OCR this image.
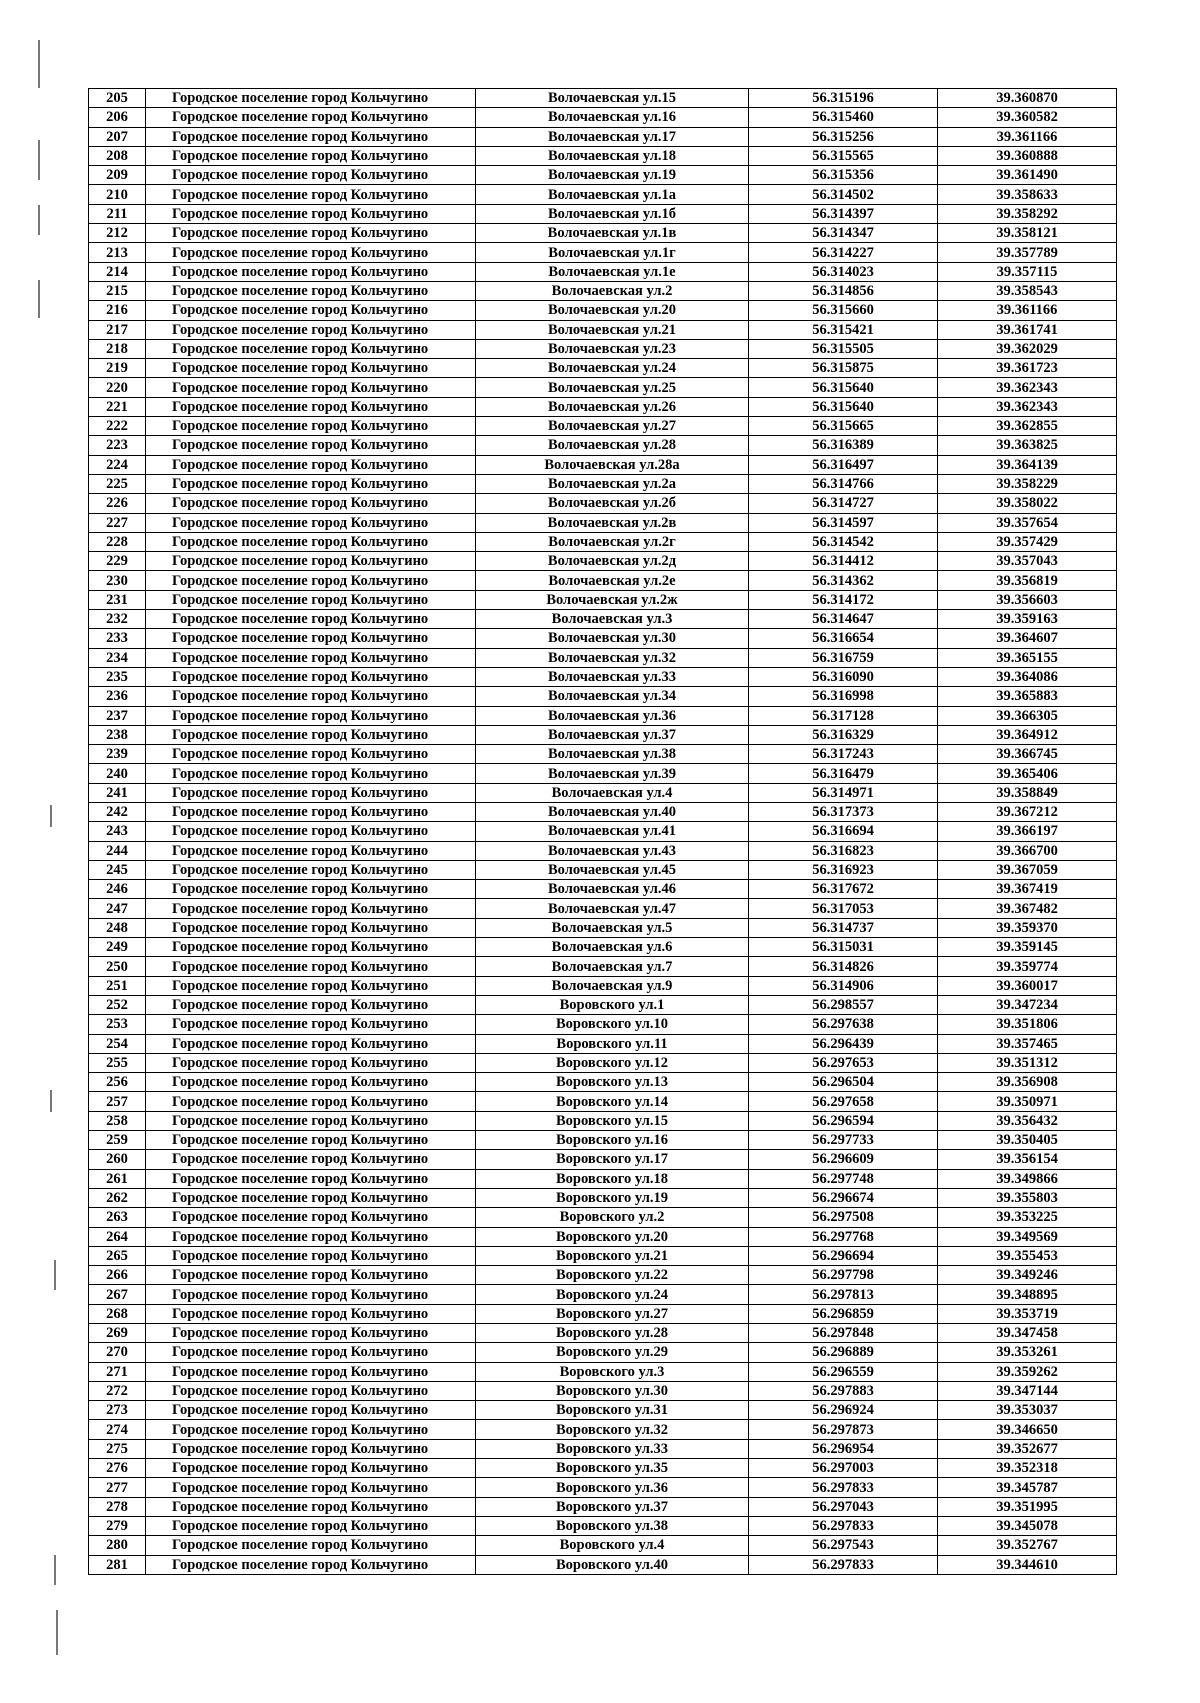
205	Городское поселение город Кольчугино	Волочаевская ул.15	56.315196	39.360870
206	Городское поселение город Кольчугино	Волочаевская ул.16	56.315460	39.360582
207	Городское поселение город Кольчугино	Волочаевская ул.17	56.315256	39.361166
208	Городское поселение город Кольчугино	Волочаевская ул.18	56.315565	39.360888
209	Городское поселение город Кольчугино	Волочаевская ул.19	56.315356	39.361490
210	Городское поселение город Кольчугино	Волочаевская ул.1а	56.314502	39.358633
211	Городское поселение город Кольчугино	Волочаевская ул.1б	56.314397	39.358292
212	Городское поселение город Кольчугино	Волочаевская ул.1в	56.314347	39.358121
213	Городское поселение город Кольчугино	Волочаевская ул.1г	56.314227	39.357789
214	Городское поселение город Кольчугино	Волочаевская ул.1е	56.314023	39.357115
215	Городское поселение город Кольчугино	Волочаевская ул.2	56.314856	39.358543
216	Городское поселение город Кольчугино	Волочаевская ул.20	56.315660	39.361166
217	Городское поселение город Кольчугино	Волочаевская ул.21	56.315421	39.361741
218	Городское поселение город Кольчугино	Волочаевская ул.23	56.315505	39.362029
219	Городское поселение город Кольчугино	Волочаевская ул.24	56.315875	39.361723
220	Городское поселение город Кольчугино	Волочаевская ул.25	56.315640	39.362343
221	Городское поселение город Кольчугино	Волочаевская ул.26	56.315640	39.362343
222	Городское поселение город Кольчугино	Волочаевская ул.27	56.315665	39.362855
223	Городское поселение город Кольчугино	Волочаевская ул.28	56.316389	39.363825
224	Городское поселение город Кольчугино	Волочаевская ул.28а	56.316497	39.364139
225	Городское поселение город Кольчугино	Волочаевская ул.2а	56.314766	39.358229
226	Городское поселение город Кольчугино	Волочаевская ул.2б	56.314727	39.358022
227	Городское поселение город Кольчугино	Волочаевская ул.2в	56.314597	39.357654
228	Городское поселение город Кольчугино	Волочаевская ул.2г	56.314542	39.357429
229	Городское поселение город Кольчугино	Волочаевская ул.2д	56.314412	39.357043
230	Городское поселение город Кольчугино	Волочаевская ул.2е	56.314362	39.356819
231	Городское поселение город Кольчугино	Волочаевская ул.2ж	56.314172	39.356603
232	Городское поселение город Кольчугино	Волочаевская ул.3	56.314647	39.359163
233	Городское поселение город Кольчугино	Волочаевская ул.30	56.316654	39.364607
234	Городское поселение город Кольчугино	Волочаевская ул.32	56.316759	39.365155
235	Городское поселение город Кольчугино	Волочаевская ул.33	56.316090	39.364086
236	Городское поселение город Кольчугино	Волочаевская ул.34	56.316998	39.365883
237	Городское поселение город Кольчугино	Волочаевская ул.36	56.317128	39.366305
238	Городское поселение город Кольчугино	Волочаевская ул.37	56.316329	39.364912
239	Городское поселение город Кольчугино	Волочаевская ул.38	56.317243	39.366745
240	Городское поселение город Кольчугино	Волочаевская ул.39	56.316479	39.365406
241	Городское поселение город Кольчугино	Волочаевская ул.4	56.314971	39.358849
242	Городское поселение город Кольчугино	Волочаевская ул.40	56.317373	39.367212
243	Городское поселение город Кольчугино	Волочаевская ул.41	56.316694	39.366197
244	Городское поселение город Кольчугино	Волочаевская ул.43	56.316823	39.366700
245	Городское поселение город Кольчугино	Волочаевская ул.45	56.316923	39.367059
246	Городское поселение город Кольчугино	Волочаевская ул.46	56.317672	39.367419
247	Городское поселение город Кольчугино	Волочаевская ул.47	56.317053	39.367482
248	Городское поселение город Кольчугино	Волочаевская ул.5	56.314737	39.359370
249	Городское поселение город Кольчугино	Волочаевская ул.6	56.315031	39.359145
250	Городское поселение город Кольчугино	Волочаевская ул.7	56.314826	39.359774
251	Городское поселение город Кольчугино	Волочаевская ул.9	56.314906	39.360017
252	Городское поселение город Кольчугино	Воровского ул.1	56.298557	39.347234
253	Городское поселение город Кольчугино	Воровского ул.10	56.297638	39.351806
254	Городское поселение город Кольчугино	Воровского ул.11	56.296439	39.357465
255	Городское поселение город Кольчугино	Воровского ул.12	56.297653	39.351312
256	Городское поселение город Кольчугино	Воровского ул.13	56.296504	39.356908
257	Городское поселение город Кольчугино	Воровского ул.14	56.297658	39.350971
258	Городское поселение город Кольчугино	Воровского ул.15	56.296594	39.356432
259	Городское поселение город Кольчугино	Воровского ул.16	56.297733	39.350405
260	Городское поселение город Кольчугино	Воровского ул.17	56.296609	39.356154
261	Городское поселение город Кольчугино	Воровского ул.18	56.297748	39.349866
262	Городское поселение город Кольчугино	Воровского ул.19	56.296674	39.355803
263	Городское поселение город Кольчугино	Воровского ул.2	56.297508	39.353225
264	Городское поселение город Кольчугино	Воровского ул.20	56.297768	39.349569
265	Городское поселение город Кольчугино	Воровского ул.21	56.296694	39.355453
266	Городское поселение город Кольчугино	Воровского ул.22	56.297798	39.349246
267	Городское поселение город Кольчугино	Воровского ул.24	56.297813	39.348895
268	Городское поселение город Кольчугино	Воровского ул.27	56.296859	39.353719
269	Городское поселение город Кольчугино	Воровского ул.28	56.297848	39.347458
270	Городское поселение город Кольчугино	Воровского ул.29	56.296889	39.353261
271	Городское поселение город Кольчугино	Воровского ул.3	56.296559	39.359262
272	Городское поселение город Кольчугино	Воровского ул.30	56.297883	39.347144
273	Городское поселение город Кольчугино	Воровского ул.31	56.296924	39.353037
274	Городское поселение город Кольчугино	Воровского ул.32	56.297873	39.346650
275	Городское поселение город Кольчугино	Воровского ул.33	56.296954	39.352677
276	Городское поселение город Кольчугино	Воровского ул.35	56.297003	39.352318
277	Городское поселение город Кольчугино	Воровского ул.36	56.297833	39.345787
278	Городское поселение город Кольчугино	Воровского ул.37	56.297043	39.351995
279	Городское поселение город Кольчугино	Воровского ул.38	56.297833	39.345078
280	Городское поселение город Кольчугино	Воровского ул.4	56.297543	39.352767
281	Городское поселение город Кольчугино	Воровского ул.40	56.297833	39.344610
